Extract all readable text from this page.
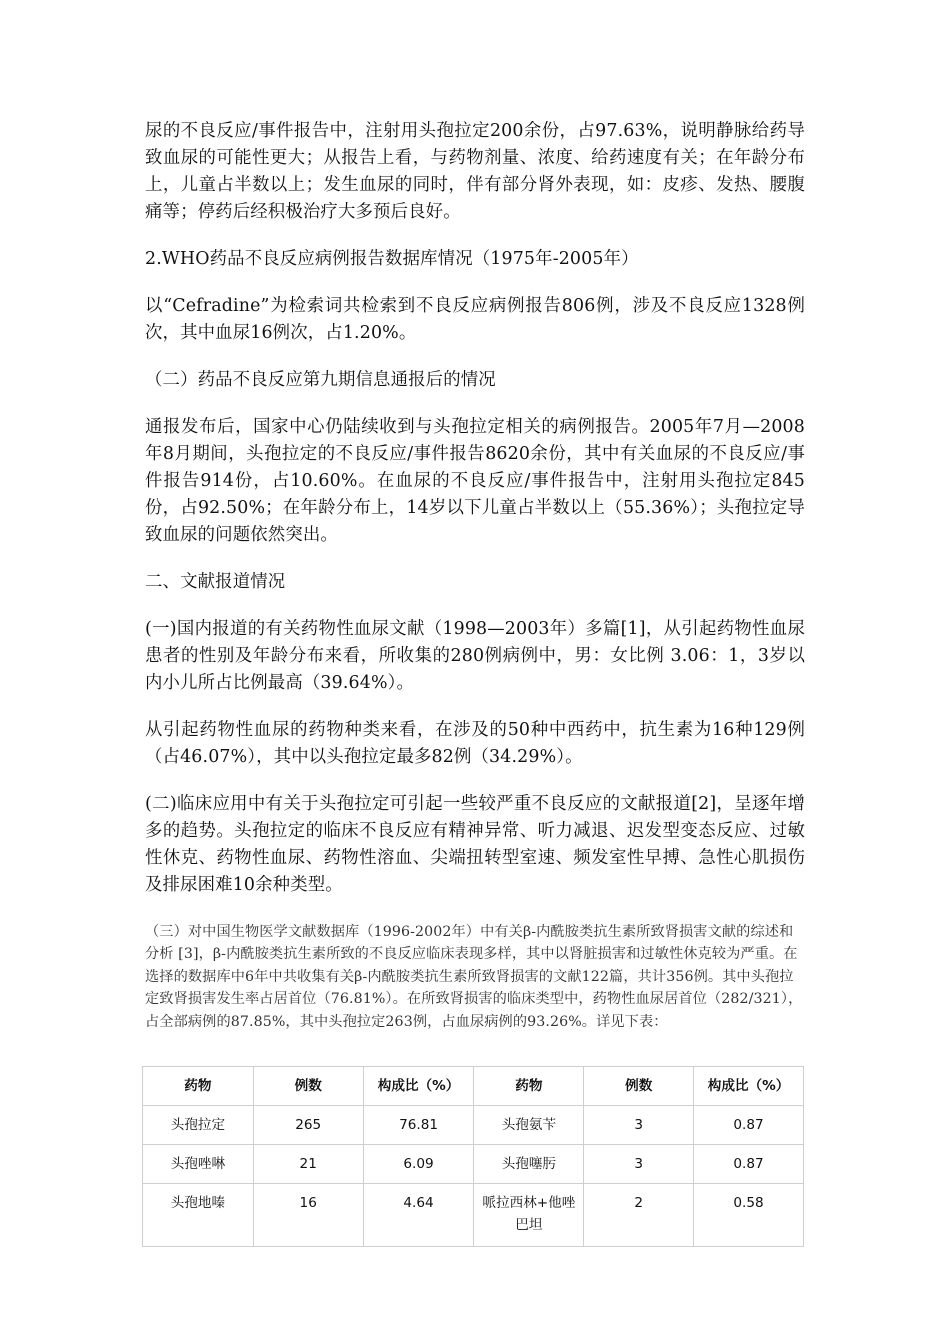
尿的不良反应/事件报告中，注射用头孢拉定200余份，占97.63%，说明静脉给药导致血尿的可能性更大；从报告上看，与药物剂量、浓度、给药速度有关；在年龄分布上，儿童占半数以上；发生血尿的同时，伴有部分肾外表现，如：皮疹、发热、腰腹痛等；停药后经积极治疗大多预后良好。

2.WHO药品不良反应病例报告数据库情况（1975年-2005年）

以“Cefradine”为检索词共检索到不良反应病例报告806例，涉及不良反应1328例次，其中血尿16例次，占1.20%。

（二）药品不良反应第九期信息通报后的情况

通报发布后，国家中心仍陆续收到与头孢拉定相关的病例报告。2005年7月—2008年8月期间，头孢拉定的不良反应/事件报告8620余份，其中有关血尿的不良反应/事件报告914份，占10.60%。在血尿的不良反应/事件报告中，注射用头孢拉定845份，占92.50%；在年龄分布上，14岁以下儿童占半数以上（55.36%）；头孢拉定导致血尿的问题依然突出。

二、文献报道情况

(一)国内报道的有关药物性血尿文献（1998—2003年）多篇[1]，从引起药物性血尿患者的性别及年龄分布来看，所收集的280例病例中，男：女比例 3.06：1，3岁以内小儿所占比例最高（39.64%）。

从引起药物性血尿的药物种类来看，在涉及的50种中西药中，抗生素为16种129例（占46.07%），其中以头孢拉定最多82例（34.29%）。

(二)临床应用中有关于头孢拉定可引起一些较严重不良反应的文献报道[2]，呈逐年增多的趋势。头孢拉定的临床不良反应有精神异常、听力减退、迟发型变态反应、过敏性休克、药物性血尿、药物性溶血、尖端扭转型室速、频发室性早搏、急性心肌损伤及排尿困难10余种类型。

（三）对中国生物医学文献数据库（1996-2002年）中有关β-内酰胺类抗生素所致肾损害文献的综述和分析 [3]，β-内酰胺类抗生素所致的不良反应临床表现多样，其中以肾脏损害和过敏性休克较为严重。在选择的数据库中6年中共收集有关β-内酰胺类抗生素所致肾损害的文献122篇，共计356例。其中头孢拉定致肾损害发生率占居首位（76.81%）。在所致肾损害的临床类型中，药物性血尿居首位（282/321），占全部病例的87.85%，其中头孢拉定263例，占血尿病例的93.26%。详见下表：

药物	例数	构成比（%）	药物	例数	构成比（%）
头孢拉定	265	76.81	头孢氨苄	3	0.87
头孢唑啉	21	6.09	头孢噻肟	3	0.87
头孢地嗪	16	4.64	哌拉西林+他唑巴坦	2	0.58
